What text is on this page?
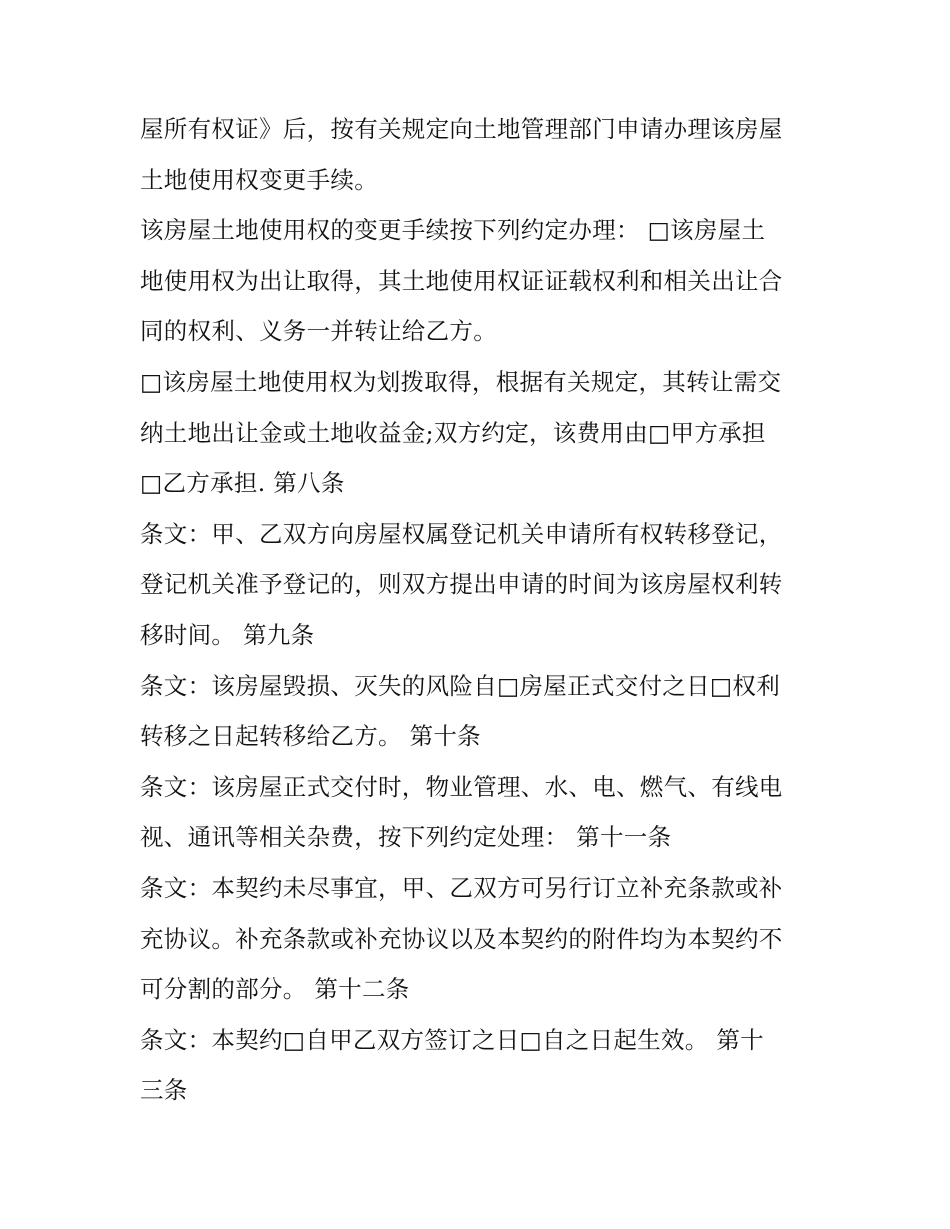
屋所有权证》后，按有关规定向土地管理部门申请办理该房屋
土地使用权变更手续。

该房屋土地使用权的变更手续按下列约定办理： □该房屋土
地使用权为出让取得，其土地使用权证证载权利和相关出让合
同的权利、义务一并转让给乙方。

□该房屋土地使用权为划拨取得，根据有关规定，其转让需交
纳土地出让金或土地收益金;双方约定，该费用由□甲方承担
□乙方承担. 第八条

条文：甲、乙双方向房屋权属登记机关申请所有权转移登记，
登记机关准予登记的，则双方提出申请的时间为该房屋权利转
移时间。 第九条

条文：该房屋毁损、灭失的风险自□房屋正式交付之日□权利
转移之日起转移给乙方。 第十条

条文：该房屋正式交付时，物业管理、水、电、燃气、有线电
视、通讯等相关杂费，按下列约定处理： 第十一条

条文：本契约未尽事宜，甲、乙双方可另行订立补充条款或补
充协议。补充条款或补充协议以及本契约的附件均为本契约不
可分割的部分。 第十二条

条文：本契约□自甲乙双方签订之日□自之日起生效。 第十
三条
